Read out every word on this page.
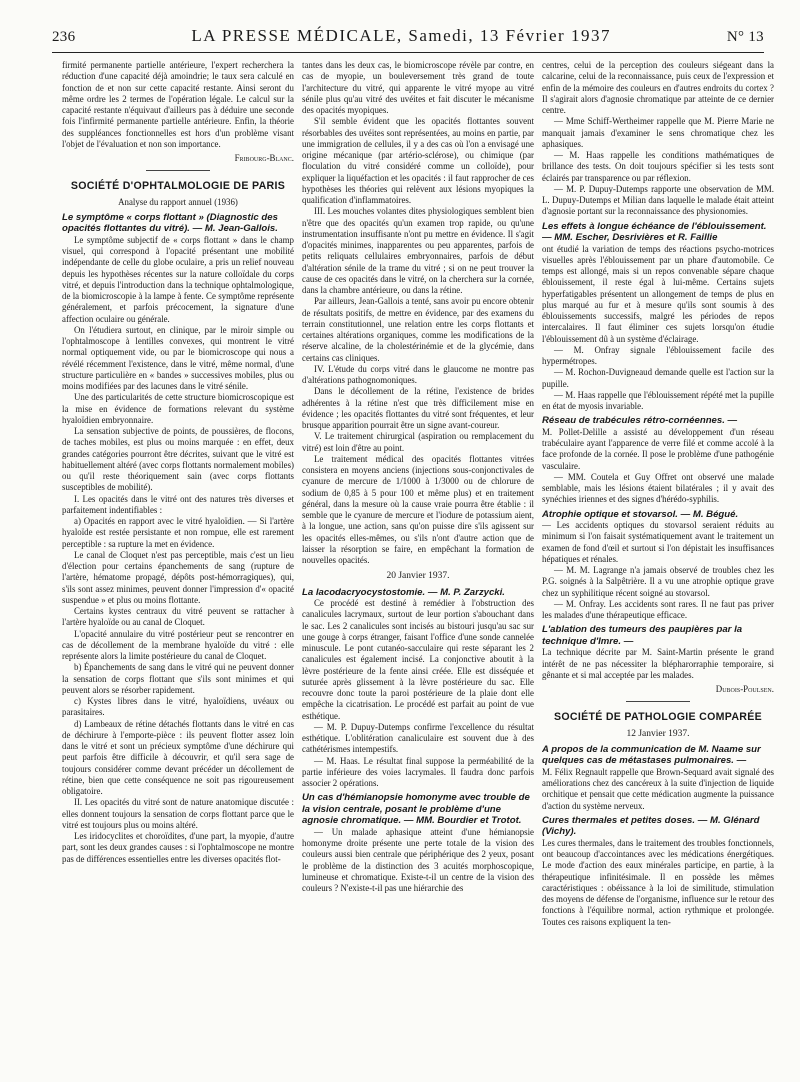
236	LA PRESSE MÉDICALE, Samedi, 13 Février 1937	N° 13

firmité permanente partielle antérieure, l'expert recherchera la réduction d'une capacité déjà amoindrie; le taux sera calculé en fonction de et non sur cette capacité restante. Ainsi seront du même ordre les 2 termes de l'opération légale. Le calcul sur la capacité restante n'équivaut d'ailleurs pas à déduire une seconde fois l'infirmité permanente partielle antérieure. Enfin, la théorie des suppléances fonctionnelles est hors d'un problème visant l'objet de l'évaluation et non son importance.

Fribourg-Blanc.

SOCIÉTÉ D'OPHTALMOLOGIE DE PARIS

Analyse du rapport annuel (1936)

Le symptôme « corps flottant » (Diagnostic des opacités flottantes du vitré). — M. Jean-Gallois.

Le symptôme subjectif de « corps flottant » dans le champ visuel, qui correspond à l'opacité présentant une mobilité indépendante de celle du globe oculaire, a pris un relief nouveau depuis les hypothèses récentes sur la nature colloïdale du corps vitré, et depuis l'introduction dans la technique ophtalmologique, de la biomicroscopie à la lampe à fente. Ce symptôme représente généralement, et parfois précocement, la signature d'une affection oculaire ou générale.

On l'étudiera surtout, en clinique, par le miroir simple ou l'ophtalmoscope à lentilles convexes, qui montrent le vitré normal optiquement vide, ou par le biomicroscope qui nous a révélé récemment l'existence, dans le vitré, même normal, d'une structure particulière en « bandes » successives mobiles, plus ou moins modifiées par des lacunes dans le vitré sénile.

Une des particularités de cette structure biomicroscopique est la mise en évidence de formations relevant du système hyaloïdien embryonnaire.

La sensation subjective de points, de poussières, de flocons, de taches mobiles, est plus ou moins marquée : en effet, deux grandes catégories pourront être décrites, suivant que le vitré est habituellement altéré (avec corps flottants normalement mobiles) ou qu'il reste théoriquement sain (avec corps flottants susceptibles de mobilité).

I. Les opacités dans le vitré ont des natures très diverses et parfaitement indentifiables :

a) Opacités en rapport avec le vitré hyaloïdien. — Si l'artère hyaloïde est restée persistante et non rompue, elle est rarement perceptible : sa rupture la met en évidence.

Le canal de Cloquet n'est pas perceptible, mais c'est un lieu d'élection pour certains épanchements de sang (rupture de l'artère, hématome propagé, dépôts post-hémorragiques), qui, s'ils sont assez minimes, peuvent donner l'impression d'« opacité suspendue » et plus ou moins flottante.

Certains kystes centraux du vitré peuvent se rattacher à l'artère hyaloïde ou au canal de Cloquet.

L'opacité annulaire du vitré postérieur peut se rencontrer en cas de décollement de la membrane hyaloïde du vitré : elle représente alors la limite postérieure du canal de Cloquet.

b) Épanchements de sang dans le vitré qui ne peuvent donner la sensation de corps flottant que s'ils sont minimes et qui peuvent alors se résorber rapidement.

c) Kystes libres dans le vitré, hyaloïdiens, uvéaux ou parasitaires.

d) Lambeaux de rétine détachés flottants dans le vitré en cas de déchirure à l'emporte-pièce : ils peuvent flotter assez loin dans le vitré et sont un précieux symptôme d'une déchirure qui peut parfois être difficile à découvrir, et qu'il sera sage de toujours considérer comme devant précéder un décollement de rétine, bien que cette conséquence ne soit pas rigoureusement obligatoire.

II. Les opacités du vitré sont de nature anatomique discutée : elles donnent toujours la sensation de corps flottant parce que le vitré est toujours plus ou moins altéré.

Les iridocyclites et choroïdites, d'une part, la myopie, d'autre part, sont les deux grandes causes : si l'ophtalmoscope ne montre pas de différences essentielles entre les diverses opacités flot-

tantes dans les deux cas, le biomicroscope révèle par contre, en cas de myopie, un bouleversement très grand de toute l'architecture du vitré, qui apparente le vitré myope au vitré sénile plus qu'au vitré des uvéites et fait discuter le mécanisme des opacités myopiques.

S'il semble évident que les opacités flottantes souvent résorbables des uvéites sont représentées, au moins en partie, par une immigration de cellules, il y a des cas où l'on a envisagé une origine mécanique (par artério-sclérose), ou chimique (par floculation du vitré considéré comme un colloïde), pour expliquer la liquéfaction et les opacités : il faut rapprocher de ces hypothèses les théories qui relèvent aux lésions myopiques la qualification d'inflammatoires.

III. Les mouches volantes dites physiologiques semblent bien n'être que des opacités qu'un examen trop rapide, ou qu'une instrumentation insuffisante n'ont pu mettre en évidence. Il s'agit d'opacités minimes, inapparentes ou peu apparentes, parfois de petits reliquats cellulaires embryonnaires, parfois de début d'altération sénile de la trame du vitré ; si on ne peut trouver la cause de ces opacités dans le vitré, on la cherchera sur la cornée, dans la chambre antérieure, ou dans la rétine.

Par ailleurs, Jean-Gallois a tenté, sans avoir pu encore obtenir de résultats positifs, de mettre en évidence, par des examens du terrain constitutionnel, une relation entre les corps flottants et certaines altérations organiques, comme les modifications de la réserve alcaline, de la cholestérinémie et de la glycémie, dans certains cas cliniques.

IV. L'étude du corps vitré dans le glaucome ne montre pas d'altérations pathognomoniques.

Dans le décollement de la rétine, l'existence de brides adhérentes à la rétine n'est que très difficilement mise en évidence ; les opacités flottantes du vitré sont fréquentes, et leur brusque apparition pourrait être un signe avant-coureur.

V. Le traitement chirurgical (aspiration ou remplacement du vitré) est loin d'être au point.

Le traitement médical des opacités flottantes vitrées consistera en moyens anciens (injections sous-conjonctivales de cyanure de mercure de 1/1000 à 1/3000 ou de chlorure de sodium de 0,85 à 5 pour 100 et même plus) et en traitement général, dans la mesure où la cause vraie pourra être établie : il semble que le cyanure de mercure et l'iodure de potassium aient, à la longue, une action, sans qu'on puisse dire s'ils agissent sur les opacités elles-mêmes, ou s'ils n'ont d'autre action que de laisser la résorption se faire, en empêchant la formation de nouvelles opacités.

20 Janvier 1937.

La lacodacryocystostomie. — M. P. Zarzycki.

Ce procédé est destiné à remédier à l'obstruction des canalicules lacrymaux, surtout de leur portion s'abouchant dans le sac. Les 2 canalicules sont incisés au bistouri jusqu'au sac sur une gouge à corps étranger, faisant l'office d'une sonde cannelée minuscule. Le pont cutanéo-sacculaire qui reste séparant les 2 canalicules est également incisé. La conjonctive aboutit à la lèvre postérieure de la fente ainsi créée. Elle est disséquée et suturée après glissement à la lèvre postérieure du sac. Elle recouvre donc toute la paroi postérieure de la plaie dont elle empêche la cicatrisation. Le procédé est parfait au point de vue esthétique.

— M. P. Dupuy-Dutemps confirme l'excellence du résultat esthétique. L'oblitération canaliculaire est souvent due à des cathétérismes intempestifs.

— M. Haas. Le résultat final suppose la perméabilité de la partie inférieure des voies lacrymales. Il faudra donc parfois associer 2 opérations.

Un cas d'hémianopsie homonyme avec trouble de la vision centrale, posant le problème d'une agnosie chromatique. — MM. Bourdier et Trotot.

— Un malade aphasique atteint d'une hémianopsie homonyme droite présente une perte totale de la vision des couleurs aussi bien centrale que périphérique des 2 yeux, posant le problème de la distinction des 3 acuités morphoscopique, lumineuse et chromatique. Existe-t-il un centre de la vision des couleurs ? N'existe-t-il pas une hiérarchie des

centres, celui de la perception des couleurs siégeant dans la calcarine, celui de la reconnaissance, puis ceux de l'expression et enfin de la mémoire des couleurs en d'autres endroits du cortex ? Il s'agirait alors d'agnosie chromatique par atteinte de ce dernier centre.

— Mme Schiff-Wertheimer rappelle que M. Pierre Marie ne manquait jamais d'examiner le sens chromatique chez les aphasiques.

— M. Haas rappelle les conditions mathématiques de brillance des tests. On doit toujours spécifier si les tests sont éclairés par transparence ou par réflexion.

— M. P. Dupuy-Dutemps rapporte une observation de MM. L. Dupuy-Dutemps et Milian dans laquelle le malade était atteint d'agnosie portant sur la reconnaissance des physionomies.

Les effets à longue échéance de l'éblouissement. — MM. Escher, Desrivières et R. Faillie

ont étudié la variation de temps des réactions psycho-motrices visuelles après l'éblouissement par un phare d'automobile. Ce temps est allongé, mais si un repos convenable sépare chaque éblouissement, il reste égal à lui-même. Certains sujets hyperfatigables présentent un allongement de temps de plus en plus marqué au fur et à mesure qu'ils sont soumis à des éblouissements successifs, malgré les périodes de repos intercalaires. Il faut éliminer ces sujets lorsqu'on étudie l'éblouissement dû à un système d'éclairage.

— M. Onfray signale l'éblouissement facile des hypermétropes.

— M. Rochon-Duvigneaud demande quelle est l'action sur la pupille.

— M. Haas rappelle que l'éblouissement répété met la pupille en état de myosis invariable.

Réseau de trabécules rétro-cornéennes. —

M. Pollet-Delille a assisté au développement d'un réseau trabéculaire ayant l'apparence de verre filé et comme accolé à la face profonde de la cornée. Il pose le problème d'une pathogénie vasculaire.

— MM. Coutela et Guy Offret ont observé une malade semblable, mais les lésions étaient bilatérales ; il y avait des synéchies iriennes et des signes d'hérédo-syphilis.

Atrophie optique et stovarsol. — M. Bégué.

— Les accidents optiques du stovarsol seraient réduits au minimum si l'on faisait systématiquement avant le traitement un examen de fond d'œil et surtout si l'on dépistait les insuffisances hépatiques et rénales.

— M. M. Lagrange n'a jamais observé de troubles chez les P.G. soignés à la Salpêtrière. Il a vu une atrophie optique grave chez un syphilitique récent soigné au stovarsol.

— M. Onfray. Les accidents sont rares. Il ne faut pas priver les malades d'une thérapeutique efficace.

L'ablation des tumeurs des paupières par la technique d'Imre. —

La technique décrite par M. Saint-Martin présente le grand intérêt de ne pas nécessiter la blépharorraphie temporaire, si gênante et si mal acceptée par les malades.

Dubois-Poulsen.

SOCIÉTÉ DE PATHOLOGIE COMPARÉE

12 Janvier 1937.

A propos de la communication de M. Naame sur quelques cas de métastases pulmonaires. —

M. Félix Regnault rappelle que Brown-Sequard avait signalé des améliorations chez des cancéreux à la suite d'injection de liquide orchitique et pensait que cette médication augmente la puissance d'action du système nerveux.

Cures thermales et petites doses. — M. Glénard (Vichy).

Les cures thermales, dans le traitement des troubles fonctionnels, ont beaucoup d'accointances avec les médications énergétiques. Le mode d'action des eaux minérales participe, en partie, à la thérapeutique infinitésimale. Il en possède les mêmes caractéristiques : obéissance à la loi de similitude, stimulation des moyens de défense de l'organisme, influence sur le retour des fonctions à l'équilibre normal, action rythmique et prolongée. Toutes ces raisons expliquent la ten-
